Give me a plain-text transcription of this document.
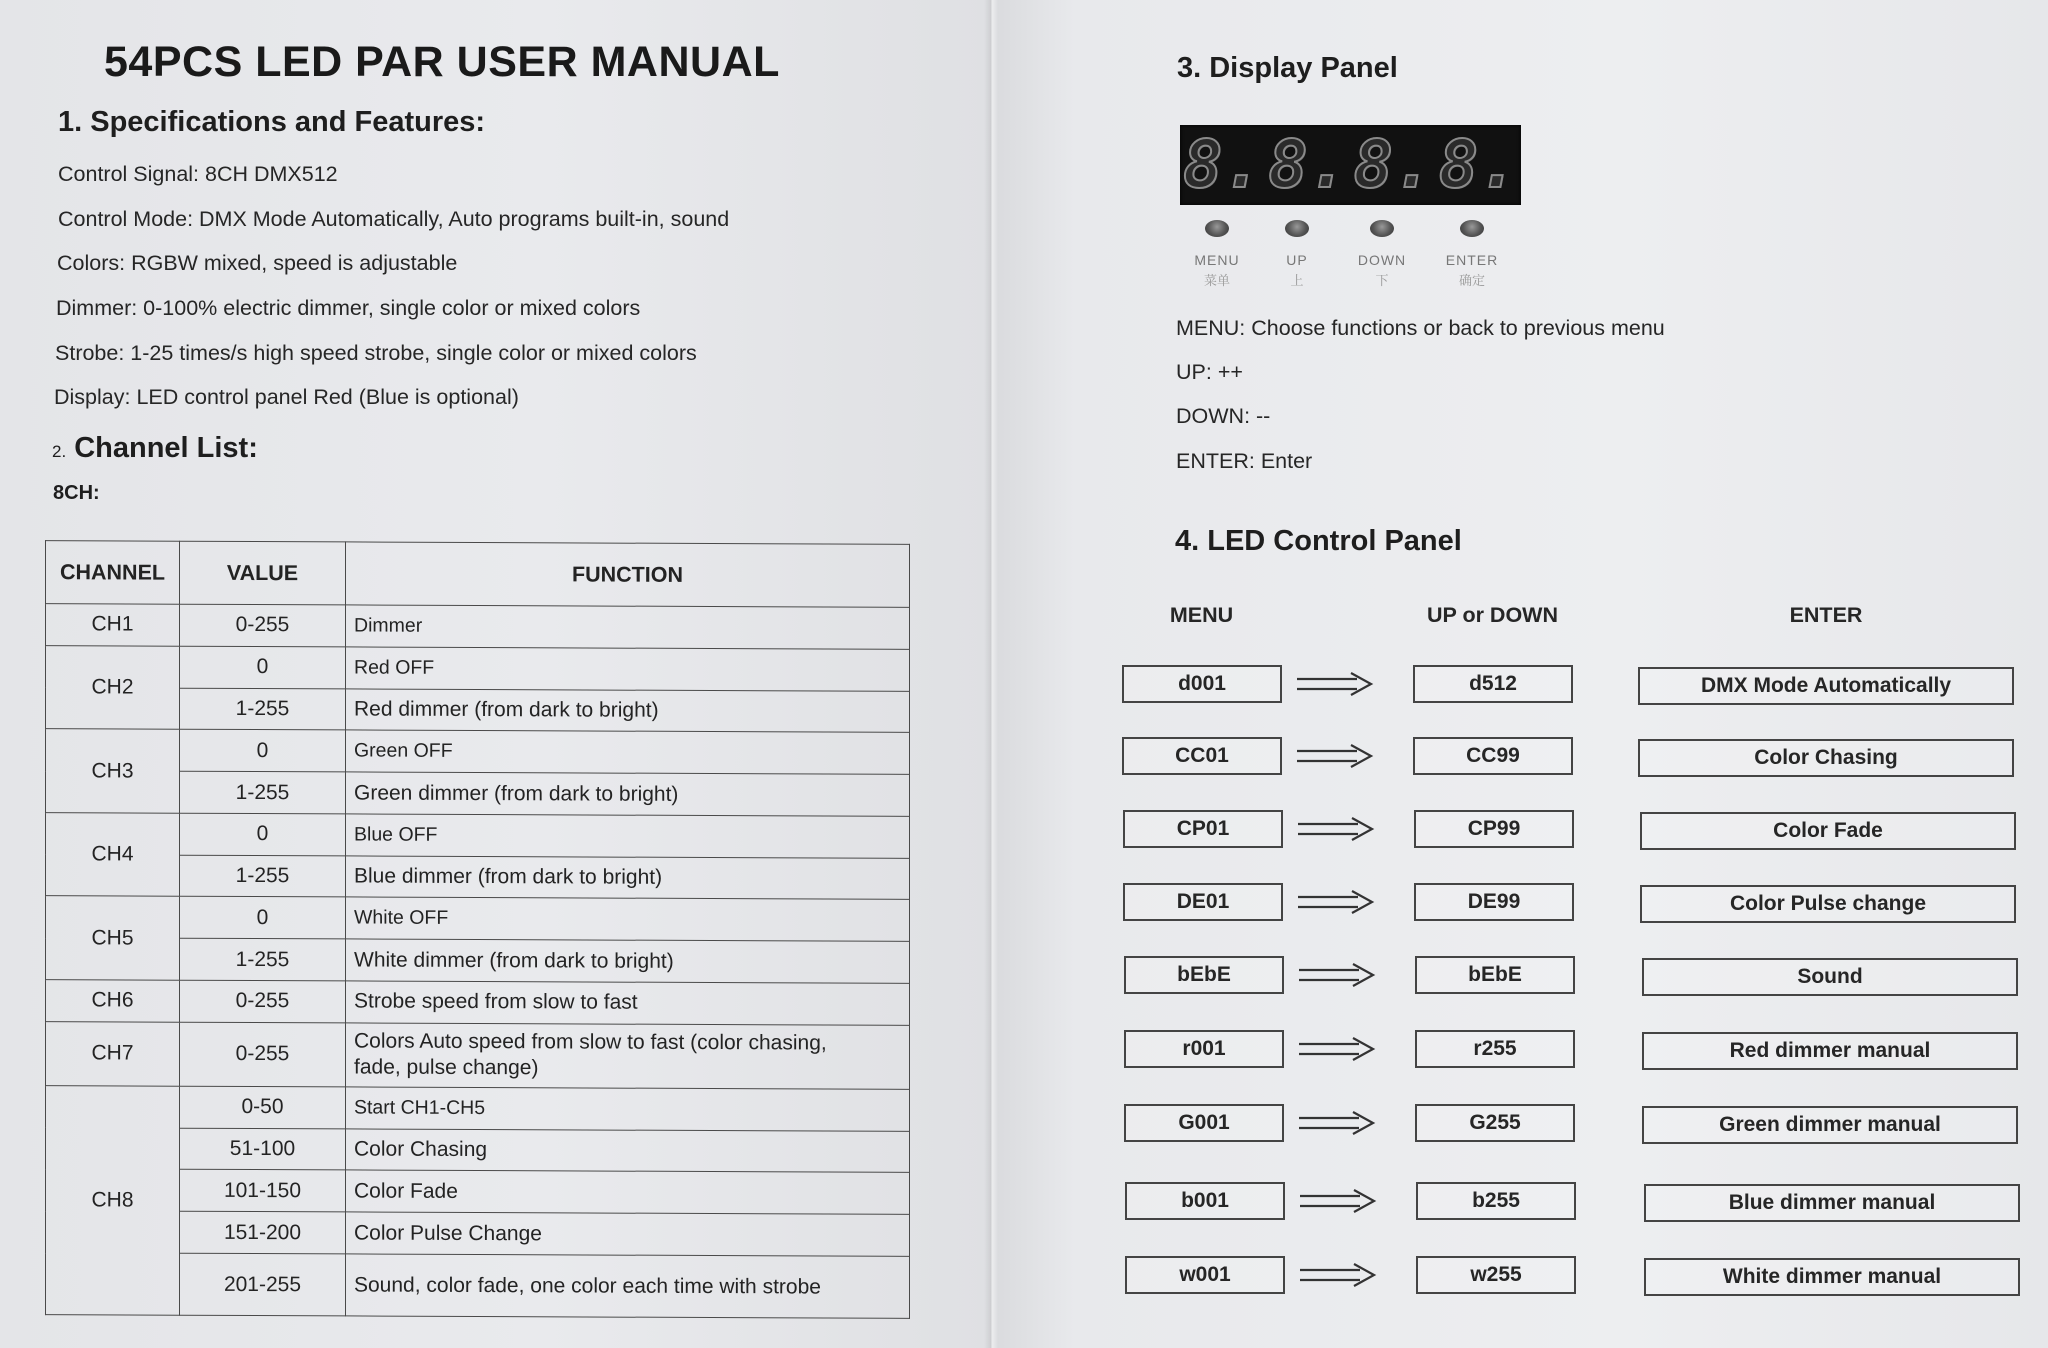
54PCS LED PAR USER MANUAL
1. Specifications and Features:

Control Signal: 8CH DMX512

Control Mode: DMX Mode Automatically, Auto programs built-in, sound

Colors: RGBW mixed, speed is adjustable

Dimmer: 0-100% electric dimmer, single color or mixed colors

Strobe: 1-25 times/s high speed strobe, single color or mixed colors

Display: LED control panel Red (Blue is optional)

2. Channel List:
8CH:
CHANNEL	VALUE	FUNCTION
CH1	0-255	Dimmer
CH2	0	Red OFF
	1-255	Red dimmer (from dark to bright)
CH3	0	Green OFF
	1-255	Green dimmer (from dark to bright)
CH4	0	Blue OFF
	1-255	Blue dimmer (from dark to bright)
CH5	0	White OFF
	1-255	White dimmer (from dark to bright)
CH6	0-255	Strobe speed from slow to fast
CH7	0-255	Colors Auto speed from slow to fast (color chasing,
fade, pulse change)
CH8	0-50	Start CH1-CH5
	51-100	Color Chasing
	101-150	Color Fade
	151-200	Color Pulse Change
	201-255	Sound, color fade, one color each time with strobe
3. Display Panel
8. 8. 8. 8.
MENU
菜单
UP
上
DOWN
下
ENTER
确定

MENU: Choose functions or back to previous menu

UP: ++

DOWN: --

ENTER: Enter

4. LED Control Panel
MENU	UP or DOWN	ENTER
d001	d512	DMX Mode Automatically
CC01	CC99	Color Chasing
CP01	CP99	Color Fade
DE01	DE99	Color Pulse change
bEbE	bEbE	Sound
r001	r255	Red dimmer manual
G001	G255	Green dimmer manual
b001	b255	Blue dimmer manual
w001	w255	White dimmer manual
